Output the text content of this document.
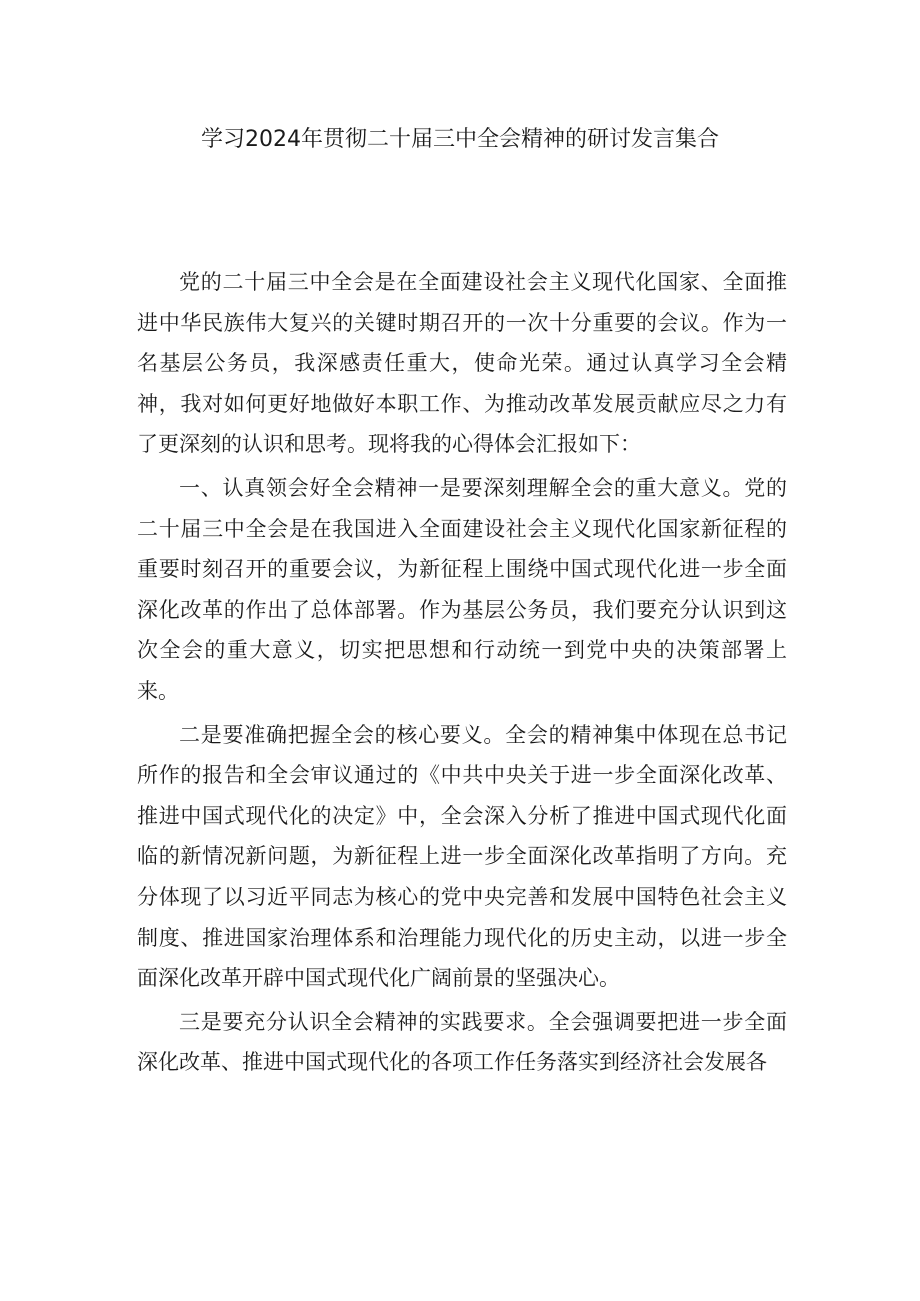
学习2024年贯彻二十届三中全会精神的研讨发言集合

党的二十届三中全会是在全面建设社会主义现代化国家、全面推进中华民族伟大复兴的关键时期召开的一次十分重要的会议。作为一名基层公务员，我深感责任重大，使命光荣。通过认真学习全会精神，我对如何更好地做好本职工作、为推动改革发展贡献应尽之力有了更深刻的认识和思考。现将我的心得体会汇报如下：

一、认真领会好全会精神一是要深刻理解全会的重大意义。党的二十届三中全会是在我国进入全面建设社会主义现代化国家新征程的重要时刻召开的重要会议，为新征程上围绕中国式现代化进一步全面深化改革的作出了总体部署。作为基层公务员，我们要充分认识到这次全会的重大意义，切实把思想和行动统一到党中央的决策部署上来。

二是要准确把握全会的核心要义。全会的精神集中体现在总书记所作的报告和全会审议通过的《中共中央关于进一步全面深化改革、推进中国式现代化的决定》中，全会深入分析了推进中国式现代化面临的新情况新问题，为新征程上进一步全面深化改革指明了方向。充分体现了以习近平同志为核心的党中央完善和发展中国特色社会主义制度、推进国家治理体系和治理能力现代化的历史主动，以进一步全面深化改革开辟中国式现代化广阔前景的坚强决心。

三是要充分认识全会精神的实践要求。全会强调要把进一步全面深化改革、推进中国式现代化的各项工作任务落实到经济社会发展各
